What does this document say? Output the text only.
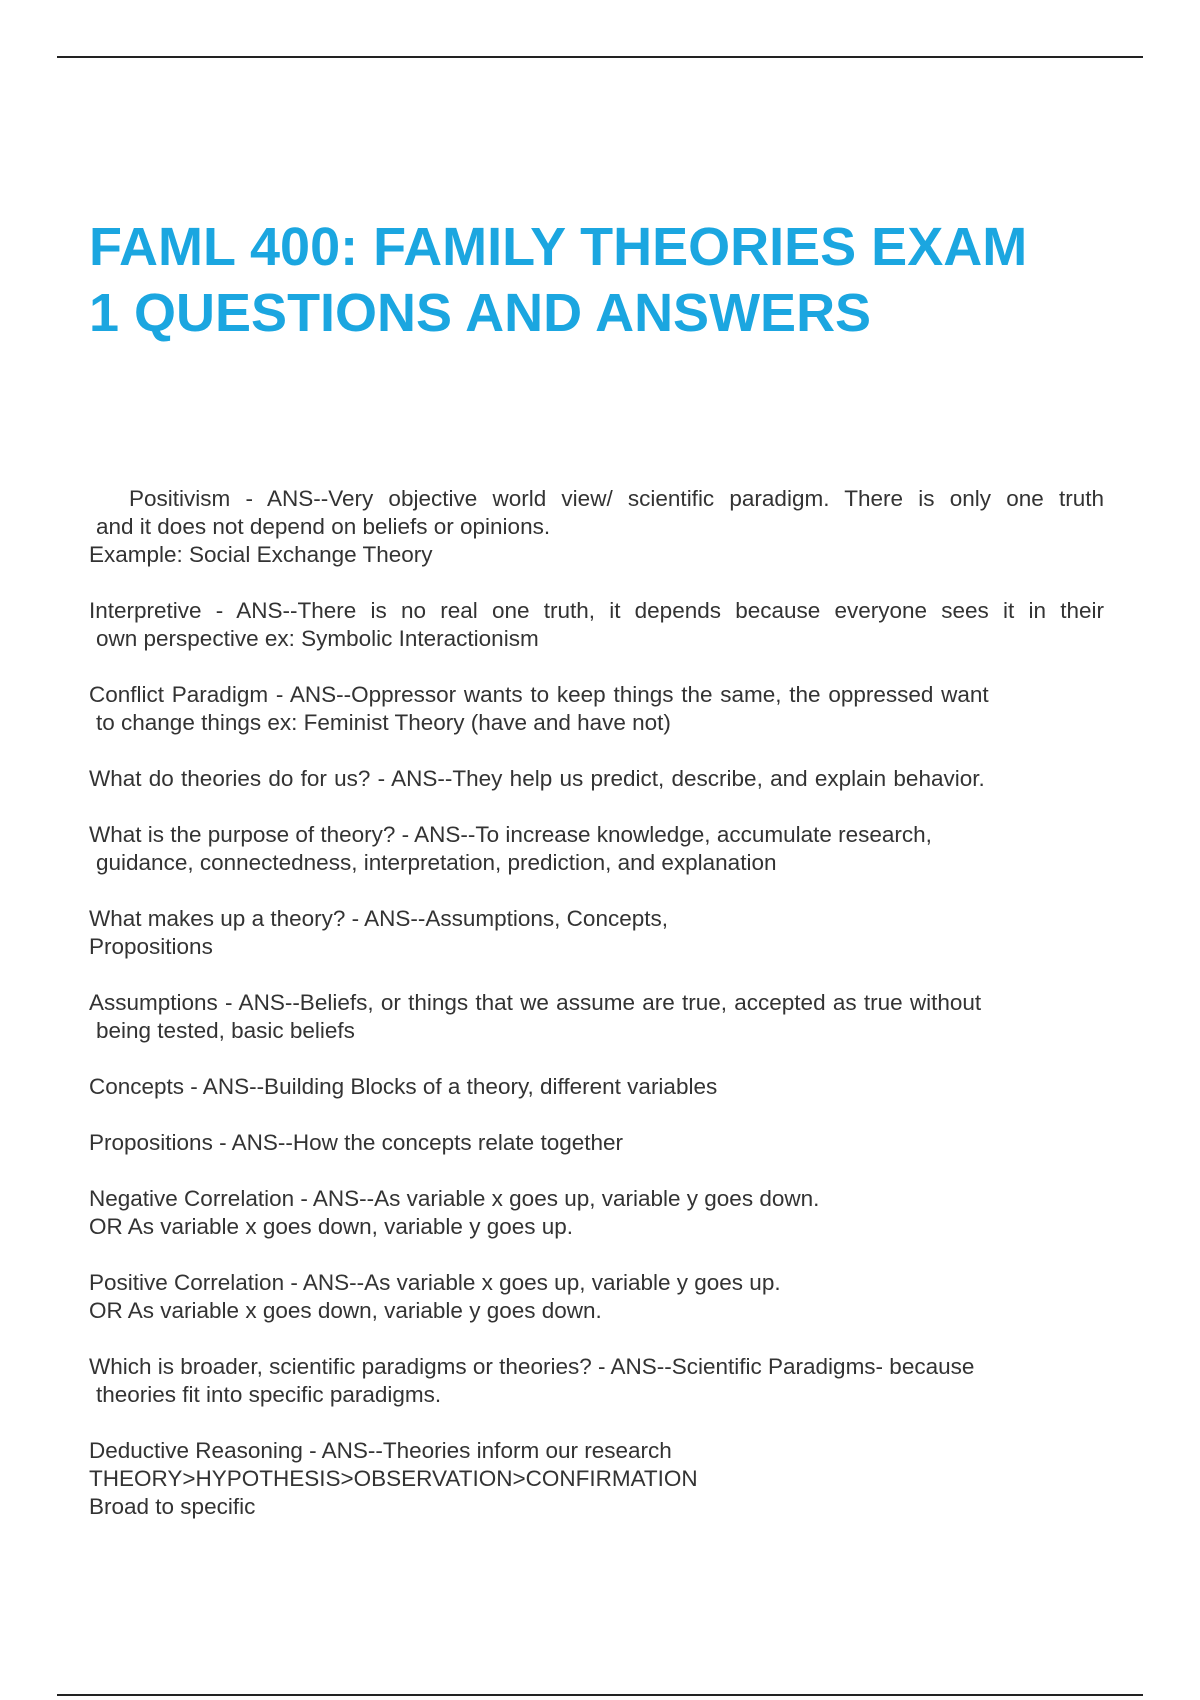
FAML 400: FAMILY THEORIES EXAM
1 QUESTIONS AND ANSWERS
Positivism - ANS--Very objective world view/ scientific paradigm. There is only one truth
and it does not depend on beliefs or opinions.
Example: Social Exchange Theory
Interpretive - ANS--There is no real one truth, it depends because everyone sees it in their
own perspective ex: Symbolic Interactionism
Conflict Paradigm - ANS--Oppressor wants to keep things the same, the oppressed want
to change things ex: Feminist Theory (have and have not)
What do theories do for us? - ANS--They help us predict, describe, and explain behavior.
What is the purpose of theory? - ANS--To increase knowledge, accumulate research,
guidance, connectedness, interpretation, prediction, and explanation
What makes up a theory? - ANS--Assumptions, Concepts,
Propositions
Assumptions - ANS--Beliefs, or things that we assume are true, accepted as true without
being tested, basic beliefs
Concepts - ANS--Building Blocks of a theory, different variables
Propositions - ANS--How the concepts relate together
Negative Correlation - ANS--As variable x goes up, variable y goes down.
OR As variable x goes down, variable y goes up.
Positive Correlation - ANS--As variable x goes up, variable y goes up.
OR As variable x goes down, variable y goes down.
Which is broader, scientific paradigms or theories? - ANS--Scientific Paradigms- because
theories fit into specific paradigms.
Deductive Reasoning - ANS--Theories inform our research
THEORY>HYPOTHESIS>OBSERVATION>CONFIRMATION
Broad to specific
